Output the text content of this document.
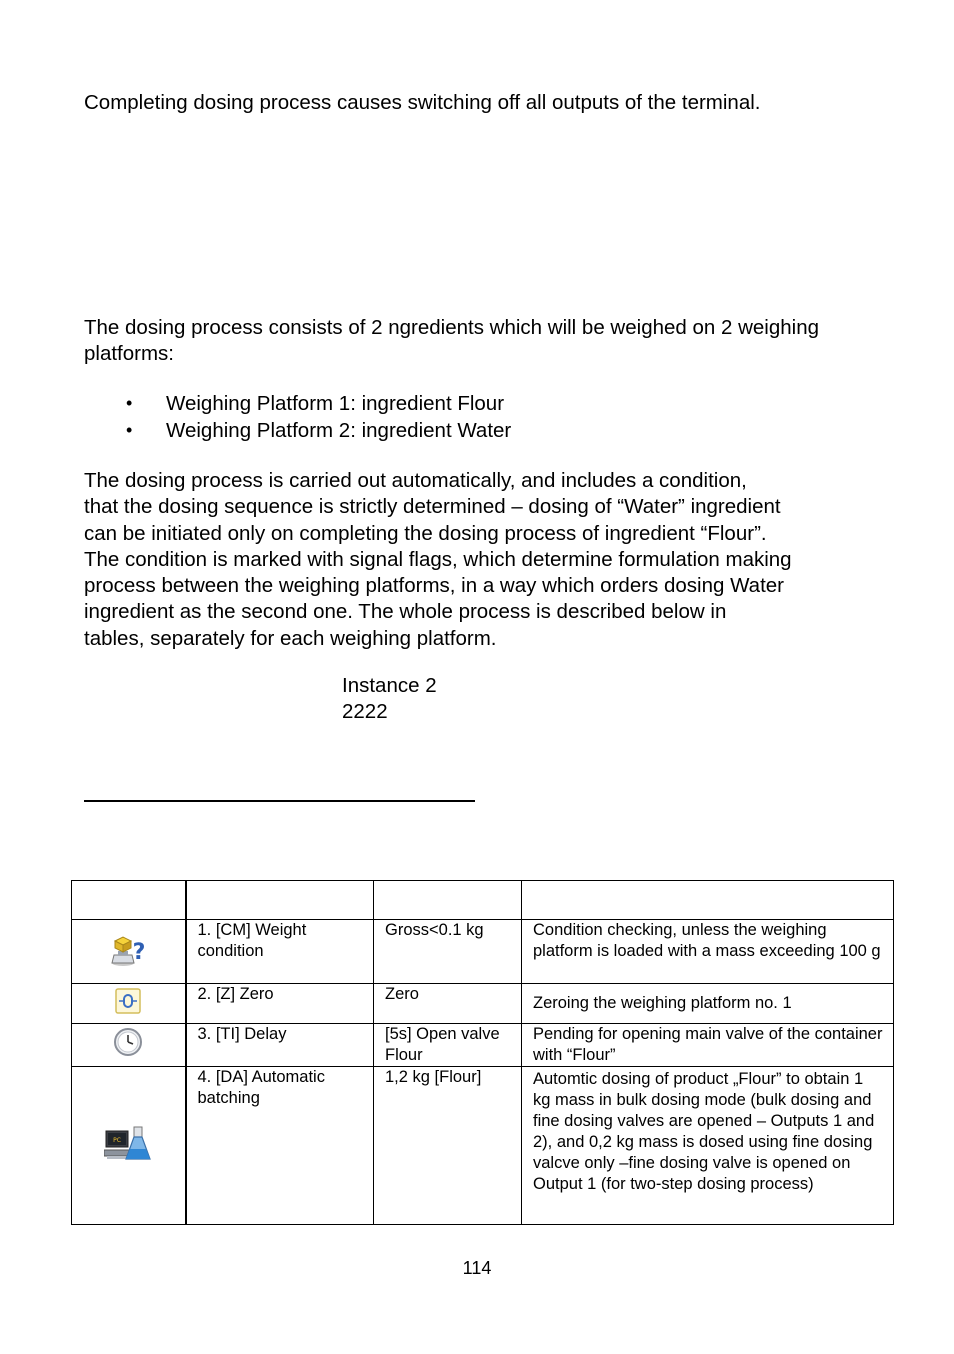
Completing dosing process causes switching off all outputs of the terminal.

The dosing process consists of 2 ngredients which will be weighed on 2 weighing platforms:

• Weighing Platform 1: ingredient Flour
• Weighing Platform 2: ingredient Water

The dosing process is carried out automatically, and includes a condition,
that the dosing sequence is strictly determined – dosing of “Water” ingredient
can be initiated only on completing the dosing process of ingredient “Flour”.
The condition is marked with signal flags, which determine formulation making
process between the weighing platforms, in a way which orders dosing Water
ingredient as the second one. The whole process is described below in
tables, separately for each weighing platform.

Instance 2
2222

?	1. [CM] Weight condition	Gross<0.1 kg	Condition checking, unless the weighing platform is loaded with a mass exceeding 100 g
	2. [Z] Zero	Zero	Zeroing the weighing platform no. 1
	3. [TI] Delay	[5s] Open valve Flour	Pending for opening main valve of the container with “Flour”

PC	4. [DA] Automatic batching	1,2 kg [Flour]	Automtic dosing of product „Flour” to obtain 1 kg mass in bulk dosing mode (bulk dosing and fine dosing valves are opened – Outputs 1 and 2), and 0,2 kg mass is dosed using fine dosing valcve only –fine dosing valve is opened on Output 1 (for two-step dosing process)
114
